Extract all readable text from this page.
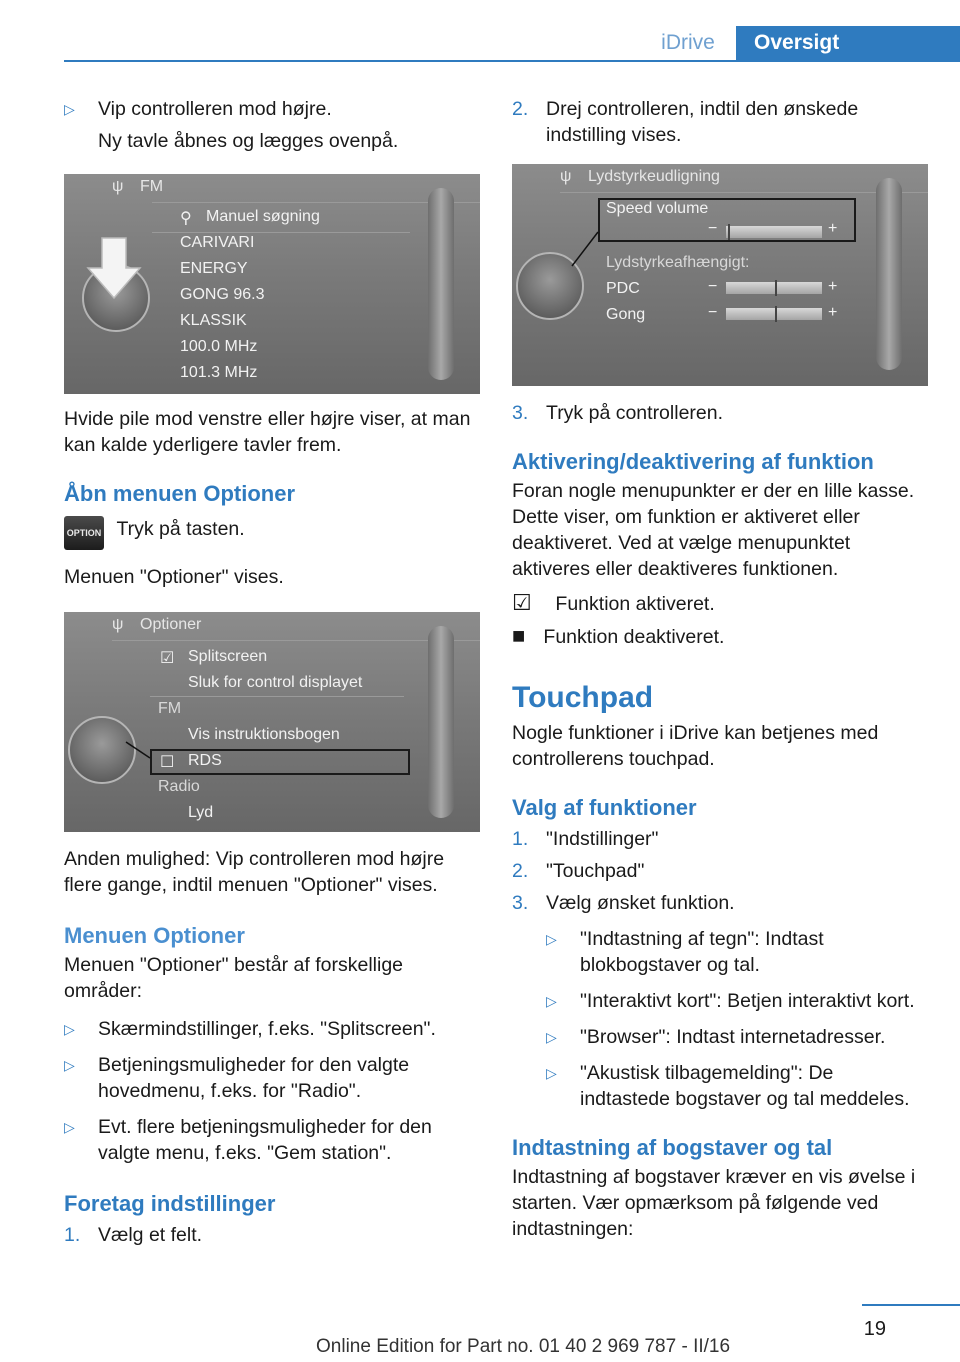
iDrive	Oversigt
▷ Vip controlleren mod højre.
Ny tavle åbnes og lægges ovenpå.
ψ FM
⚲ Manuel søgning
CARIVARI
ENERGY
GONG 96.3
KLASSIK
100.0 MHz
101.3 MHz

Hvide pile mod venstre eller højre viser, at man kan kalde yderligere tavler frem.

Åbn menuen Optioner
OPTION Tryk på tasten.

Menuen "Optioner" vises.

ψ Optioner
☑ Splitscreen
Sluk for control displayet
FM
Vis instruktionsbogen
☐ RDS
Radio
Lyd

Anden mulighed: Vip controlleren mod højre flere gange, indtil menuen "Optioner" vises.

Menuen Optioner

Menuen "Optioner" består af forskellige områder:

▷ Skærmindstillinger, f.eks. "Splitscreen".
▷ Betjeningsmuligheder for den valgte hovedmenu, f.eks. for "Radio".
▷ Evt. flere betjeningsmuligheder for den valgte menu, f.eks. "Gem station".
Foretag indstillinger
1. Vælg et felt.
2. Drej controlleren, indtil den ønskede indstilling vises.
ψ Lydstyrkeudligning
Speed volume
−	+
Lydstyrkeafhængigt:
PDC	−	+
Gong	−	+
3. Tryk på controlleren.
Aktivering/deaktivering af funktion

Foran nogle menupunkter er der en lille kasse. Dette viser, om funktion er aktiveret eller deaktiveret. Ved at vælge menupunktet aktiveres eller deaktiveres funktionen.

☑ Funktion aktiveret.
■ Funktion deaktiveret.
Touchpad

Nogle funktioner i iDrive kan betjenes med controllerens touchpad.

Valg af funktioner
1. "Indstillinger"
2. "Touchpad"
3. Vælg ønsket funktion.
▷ "Indtastning af tegn": Indtast blokbogstaver og tal.
▷ "Interaktivt kort": Betjen interaktivt kort.
▷ "Browser": Indtast internetadresser.
▷ "Akustisk tilbagemelding": De indtastede bogstaver og tal meddeles.
Indtastning af bogstaver og tal

Indtastning af bogstaver kræver en vis øvelse i starten. Vær opmærksom på følgende ved indtastningen:

19
Online Edition for Part no. 01 40 2 969 787 - II/16
